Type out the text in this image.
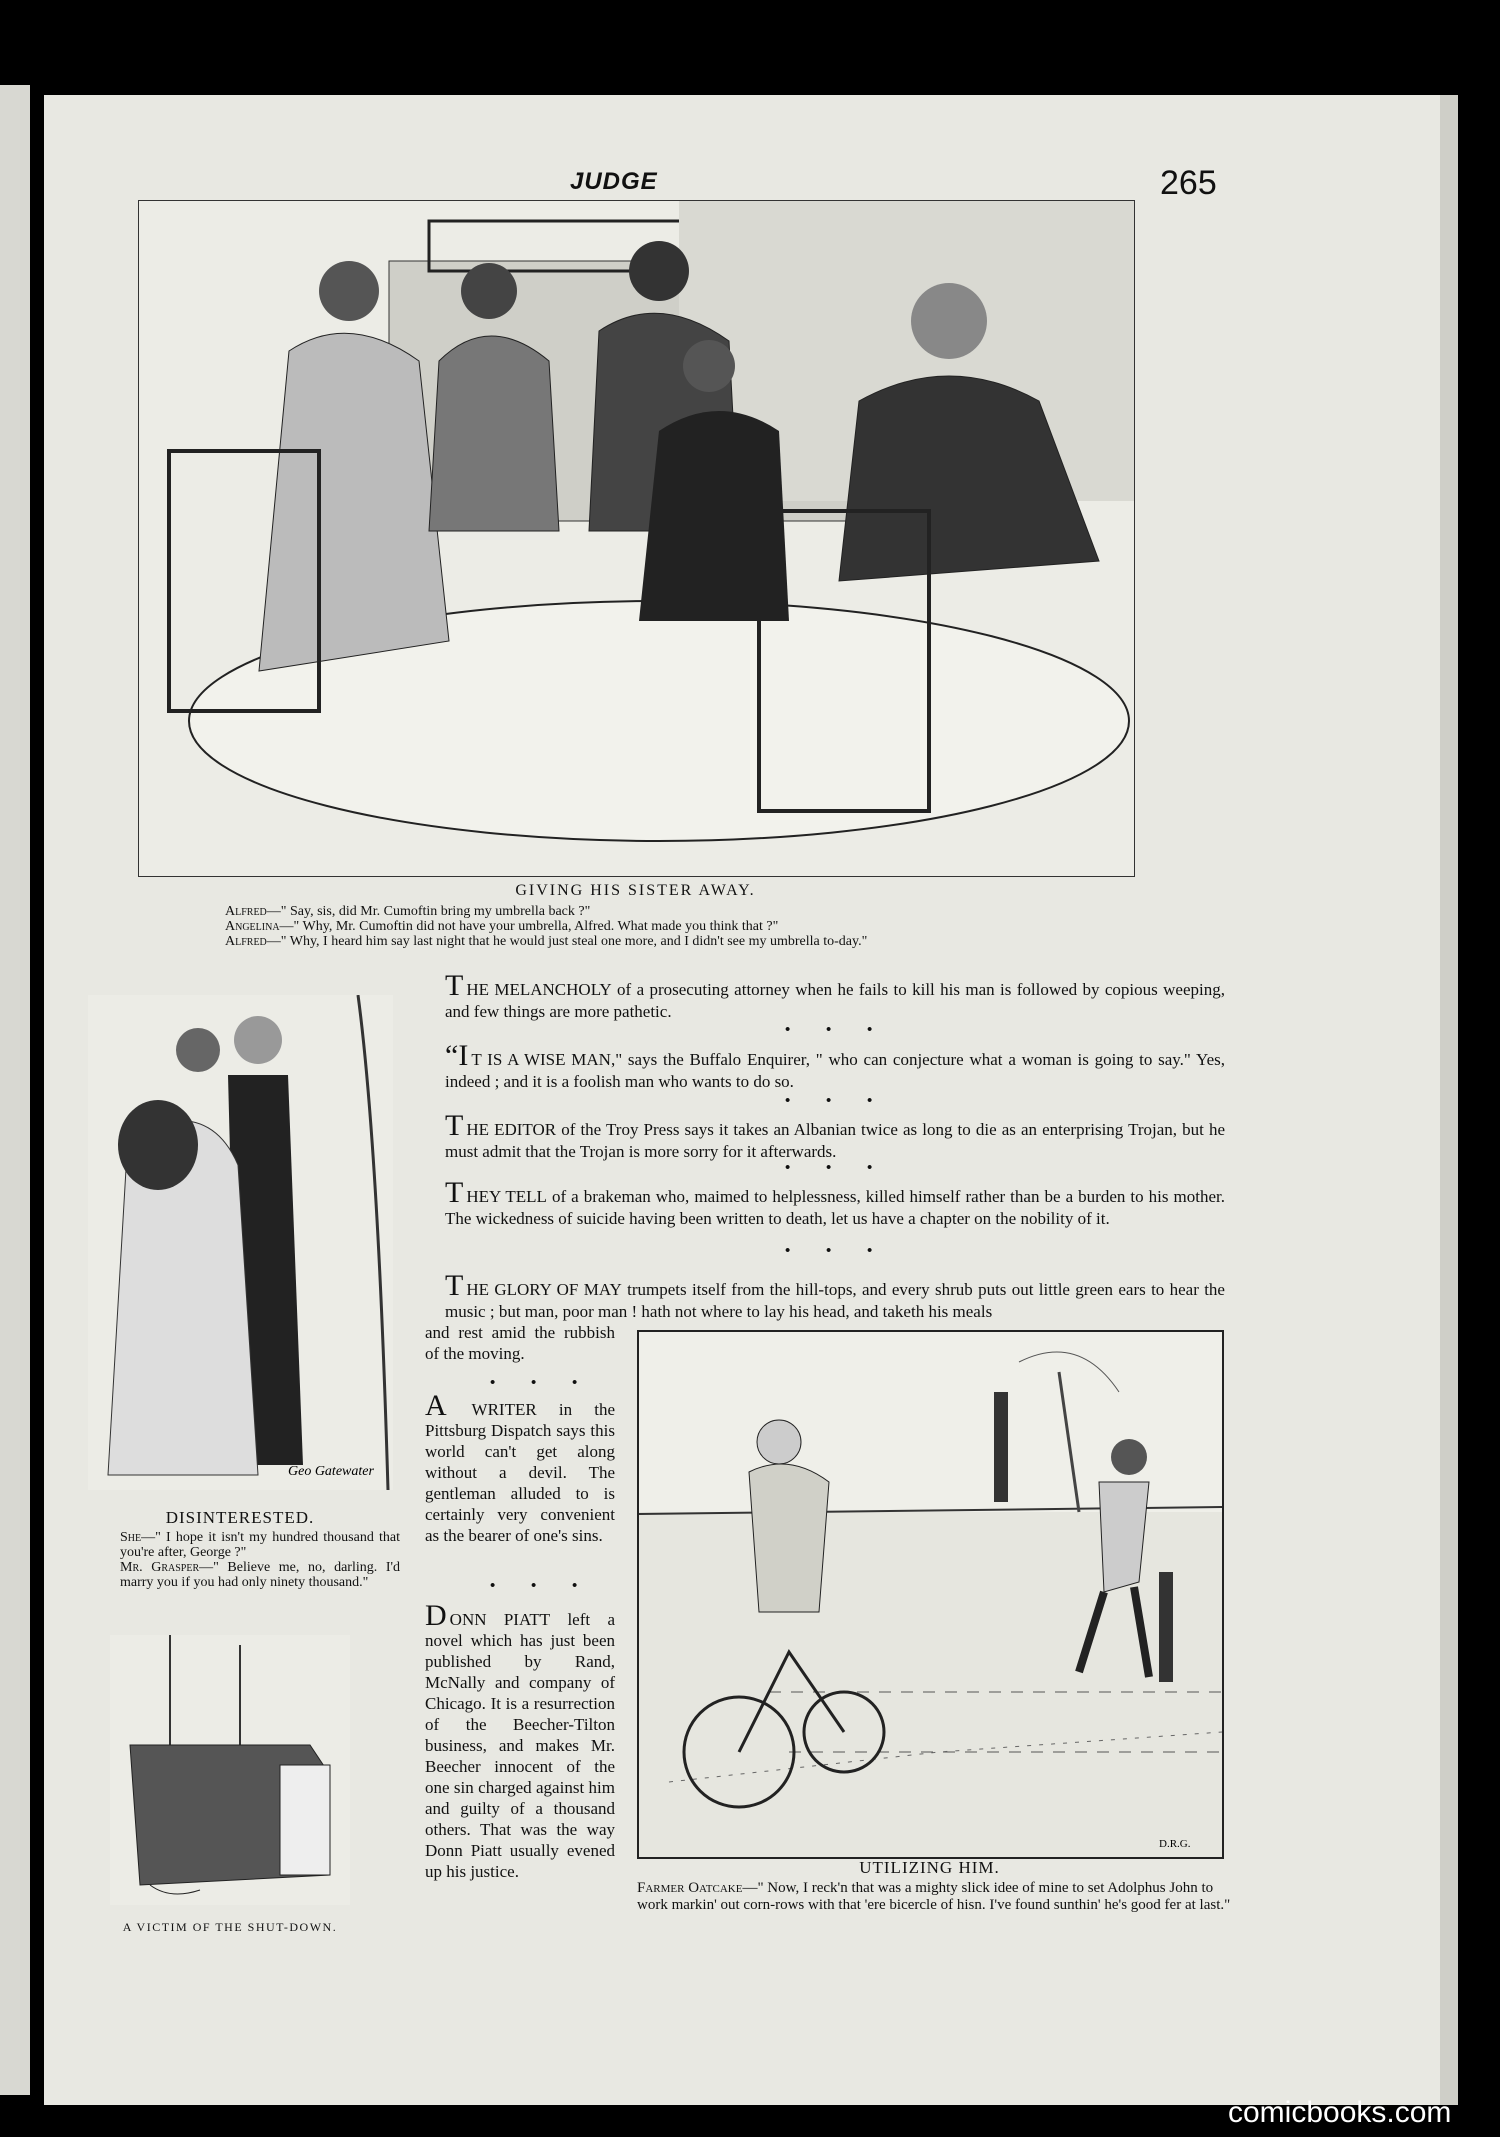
JUDGE	265
GIVING HIS SISTER AWAY.

Alfred—" Say, sis, did Mr. Cumoftin bring my umbrella back ?"

Angelina—" Why, Mr. Cumoftin did not have your umbrella, Alfred. What made you think that ?"

Alfred—" Why, I heard him say last night that he would just steal one more, and I didn't see my umbrella to-day."

Geo Gatewater
DISINTERESTED.

She—" I hope it isn't my hundred thousand that you're after, George ?"

Mr. Grasper—" Believe me, no, darling. I'd marry you if you had only ninety thousand."

A VICTIM OF THE SHUT-DOWN.
THE MELANCHOLY of a prosecuting attorney when he fails to kill his man is followed by copious weeping, and few things are more pathetic.
• • •
“I T IS A WISE MAN," says the Buffalo Enquirer, " who can conjecture what a woman is going to say." Yes, indeed ; and it is a foolish man who wants to do so.
• • •
THE EDITOR of the Troy Press says it takes an Albanian twice as long to die as an enterprising Trojan, but he must admit that the Trojan is more sorry for it afterwards.
• • •
THEY TELL of a brakeman who, maimed to helplessness, killed himself rather than be a burden to his mother. The wickedness of suicide having been written to death, let us have a chapter on the nobility of it.
• • •
THE GLORY OF MAY trumpets itself from the hill-tops, and every shrub puts out little green ears to hear the music ; but man, poor man ! hath not where to lay his head, and taketh his meals
and rest amid the rubbish of the moving.
• • •
A WRITER in the Pittsburg Dispatch says this world can't get along without a devil. The gentleman alluded to is certainly very convenient as the bearer of one's sins.
• • •
DONN PIATT left a novel which has just been published by Rand, McNally and company of Chicago. It is a resurrection of the Beecher-Tilton business, and makes Mr. Beecher innocent of the one sin charged against him and guilty of a thousand others. That was the way Donn Piatt usually evened up his justice.
D.R.G.
UTILIZING HIM.

Farmer Oatcake—" Now, I reck'n that was a mighty slick idee of mine to set Adolphus John to work markin' out corn-rows with that 'ere bicercle of hisn. I've found sunthin' he's good fer at last."

comicbooks.com
